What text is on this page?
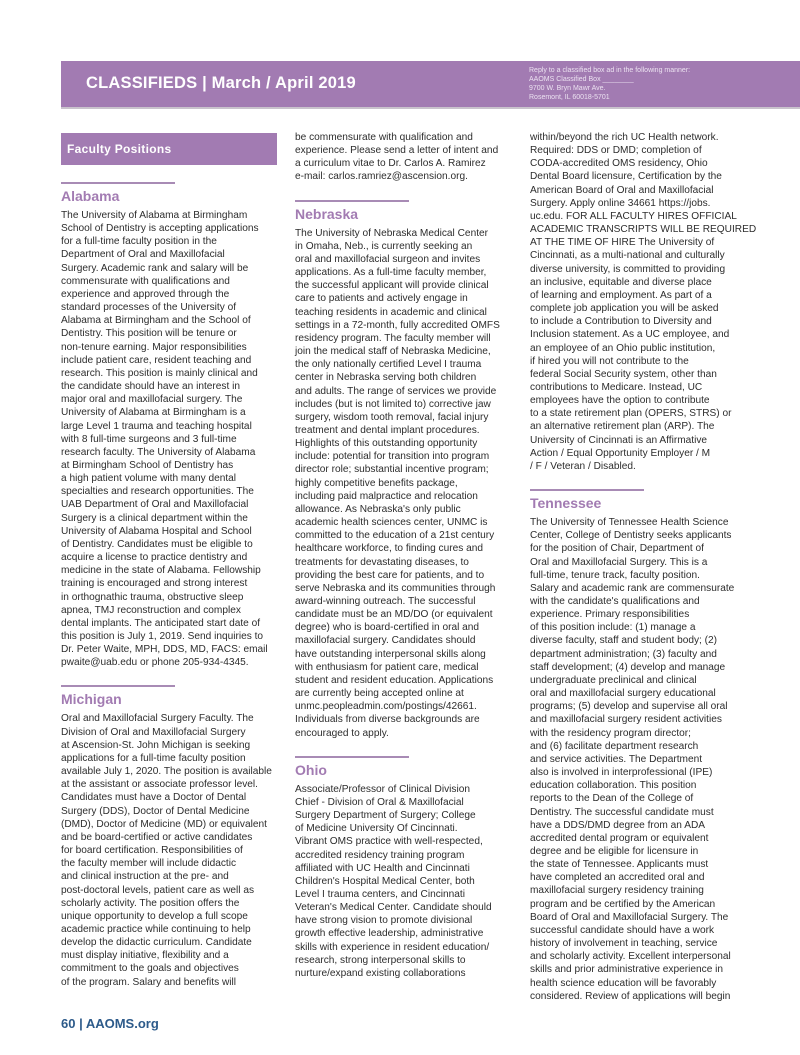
CLASSIFIEDS | March / April 2019
Reply to a classified box ad in the following manner:
AAOMS Classified Box ________
9700 W. Bryn Mawr Ave.
Rosemont, IL 60018-5701
Faculty Positions
Alabama

The University of Alabama at Birmingham

School of Dentistry is accepting applications

for a full-time faculty position in the

Department of Oral and Maxillofacial

Surgery. Academic rank and salary will be

commensurate with qualifications and

experience and approved through the

standard processes of the University of

Alabama at Birmingham and the School of

Dentistry. This position will be tenure or

non-tenure earning. Major responsibilities

include patient care, resident teaching and

research. This position is mainly clinical and

the candidate should have an interest in

major oral and maxillofacial surgery. The

University of Alabama at Birmingham is a

large Level 1 trauma and teaching hospital

with 8 full-time surgeons and 3 full-time

research faculty. The University of Alabama

at Birmingham School of Dentistry has

a high patient volume with many dental

specialties and research opportunities. The

UAB Department of Oral and Maxillofacial

Surgery is a clinical department within the

University of Alabama Hospital and School

of Dentistry. Candidates must be eligible to

acquire a license to practice dentistry and

medicine in the state of Alabama. Fellowship

training is encouraged and strong interest

in orthognathic trauma, obstructive sleep

apnea, TMJ reconstruction and complex

dental implants. The anticipated start date of

this position is July 1, 2019. Send inquiries to

Dr. Peter Waite, MPH, DDS, MD, FACS: email

pwaite@uab.edu or phone 205-934-4345.

Michigan

Oral and Maxillofacial Surgery Faculty. The

Division of Oral and Maxillofacial Surgery

at Ascension-St. John Michigan is seeking

applications for a full-time faculty position

available July 1, 2020. The position is available

at the assistant or associate professor level.

Candidates must have a Doctor of Dental

Surgery (DDS), Doctor of Dental Medicine

(DMD), Doctor of Medicine (MD) or equivalent

and be board-certified or active candidates

for board certification. Responsibilities of

the faculty member will include didactic

and clinical instruction at the pre- and

post-doctoral levels, patient care as well as

scholarly activity. The position offers the

unique opportunity to develop a full scope

academic practice while continuing to help

develop the didactic curriculum. Candidate

must display initiative, flexibility and a

commitment to the goals and objectives

of the program. Salary and benefits will

be commensurate with qualification and

experience. Please send a letter of intent and

a curriculum vitae to Dr. Carlos A. Ramirez

e-mail: carlos.ramriez@ascension.org.

Nebraska

The University of Nebraska Medical Center

in Omaha, Neb., is currently seeking an

oral and maxillofacial surgeon and invites

applications. As a full-time faculty member,

the successful applicant will provide clinical

care to patients and actively engage in

teaching residents in academic and clinical

settings in a 72-month, fully accredited OMFS

residency program. The faculty member will

join the medical staff of Nebraska Medicine,

the only nationally certified Level I trauma

center in Nebraska serving both children

and adults. The range of services we provide

includes (but is not limited to) corrective jaw

surgery, wisdom tooth removal, facial injury

treatment and dental implant procedures.

Highlights of this outstanding opportunity

include: potential for transition into program

director role; substantial incentive program;

highly competitive benefits package,

including paid malpractice and relocation

allowance. As Nebraska's only public

academic health sciences center, UNMC is

committed to the education of a 21st century

healthcare workforce, to finding cures and

treatments for devastating diseases, to

providing the best care for patients, and to

serve Nebraska and its communities through

award-winning outreach. The successful

candidate must be an MD/DO (or equivalent

degree) who is board-certified in oral and

maxillofacial surgery. Candidates should

have outstanding interpersonal skills along

with enthusiasm for patient care, medical

student and resident education. Applications

are currently being accepted online at

unmc.peopleadmin.com/postings/42661.

Individuals from diverse backgrounds are

encouraged to apply.

Ohio

Associate/Professor of Clinical Division

Chief - Division of Oral & Maxillofacial

Surgery Department of Surgery; College

of Medicine University Of Cincinnati.

Vibrant OMS practice with well-respected,

accredited residency training program

affiliated with UC Health and Cincinnati

Children's Hospital Medical Center, both

Level I trauma centers, and Cincinnati

Veteran's Medical Center. Candidate should

have strong vision to promote divisional

growth effective leadership, administrative

skills with experience in resident education/

research, strong interpersonal skills to

nurture/expand existing collaborations

within/beyond the rich UC Health network.

Required: DDS or DMD; completion of

CODA-accredited OMS residency, Ohio

Dental Board licensure, Certification by the

American Board of Oral and Maxillofacial

Surgery. Apply online 34661 https://jobs.

uc.edu. FOR ALL FACULTY HIRES OFFICIAL

ACADEMIC TRANSCRIPTS WILL BE REQUIRED

AT THE TIME OF HIRE The University of

Cincinnati, as a multi-national and culturally

diverse university, is committed to providing

an inclusive, equitable and diverse place

of learning and employment. As part of a

complete job application you will be asked

to include a Contribution to Diversity and

Inclusion statement. As a UC employee, and

an employee of an Ohio public institution,

if hired you will not contribute to the

federal Social Security system, other than

contributions to Medicare. Instead, UC

employees have the option to contribute

to a state retirement plan (OPERS, STRS) or

an alternative retirement plan (ARP). The

University of Cincinnati is an Affirmative

Action / Equal Opportunity Employer / M

/ F / Veteran / Disabled.

Tennessee

The University of Tennessee Health Science

Center, College of Dentistry seeks applicants

for the position of Chair, Department of

Oral and Maxillofacial Surgery. This is a

full-time, tenure track, faculty position.

Salary and academic rank are commensurate

with the candidate's qualifications and

experience. Primary responsibilities

of this position include: (1) manage a

diverse faculty, staff and student body; (2)

department administration; (3) faculty and

staff development; (4) develop and manage

undergraduate preclinical and clinical

oral and maxillofacial surgery educational

programs; (5) develop and supervise all oral

and maxillofacial surgery resident activities

with the residency program director;

and (6) facilitate department research

and service activities. The Department

also is involved in interprofessional (IPE)

education collaboration. This position

reports to the Dean of the College of

Dentistry. The successful candidate must

have a DDS/DMD degree from an ADA

accredited dental program or equivalent

degree and be eligible for licensure in

the state of Tennessee. Applicants must

have completed an accredited oral and

maxillofacial surgery residency training

program and be certified by the American

Board of Oral and Maxillofacial Surgery. The

successful candidate should have a work

history of involvement in teaching, service

and scholarly activity. Excellent interpersonal

skills and prior administrative experience in

health science education will be favorably

considered. Review of applications will begin

60 | AAOMS.org
